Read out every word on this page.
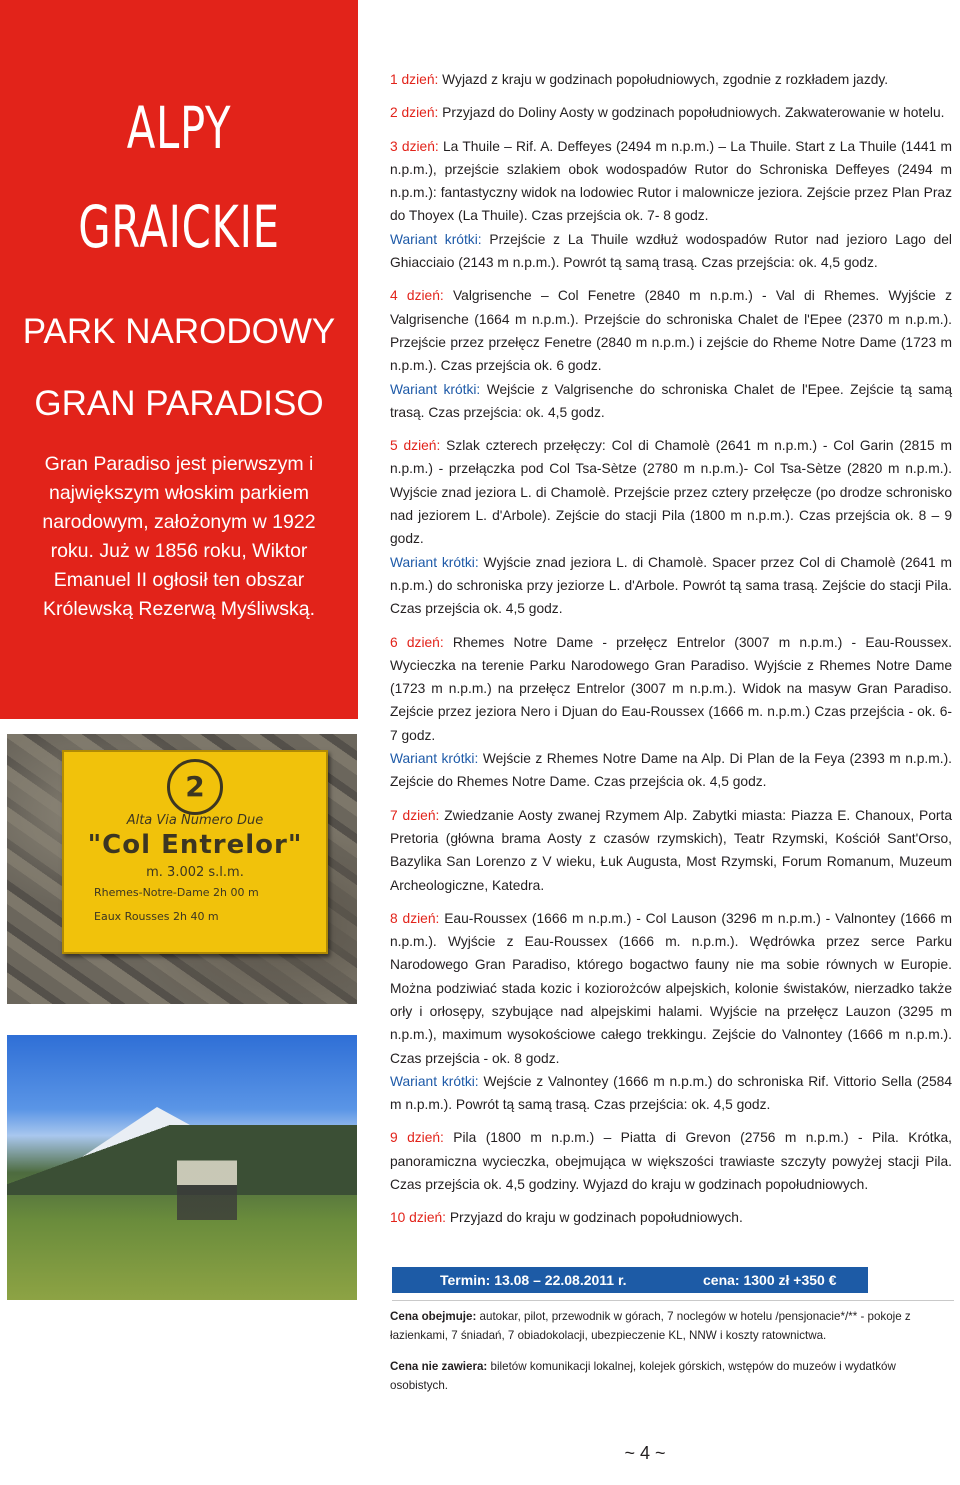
ALPY
GRAICKIE
PARK NARODOWY
GRAN PARADISO
Gran Paradiso jest pierwszym i największym włoskim parkiem narodowym, założonym w 1922 roku. Już w 1856 roku, Wiktor Emanuel II ogłosił ten obszar Królewską Rezerwą Myśliwską.
2
Alta Via Numero Due
"Col Entrelor"
m. 3.002 s.l.m.
Rhemes-Notre-Dame 2h 00 m
Eaux Rousses 2h 40 m

1 dzień: Wyjazd z kraju w godzinach popołudniowych, zgodnie z rozkładem jazdy.

2 dzień: Przyjazd do Doliny Aosty w godzinach popołudniowych. Zakwaterowanie w hotelu.

3 dzień: La Thuile – Rif. A. Deffeyes (2494 m n.p.m.) – La Thuile. Start z La Thuile (1441 m n.p.m.), przejście szlakiem obok wodospadów Rutor do Schroniska Deffeyes (2494 m n.p.m.): fantastyczny widok na lodowiec Rutor i malownicze jeziora. Zejście przez Plan Praz do Thoyex (La Thuile). Czas przejścia ok. 7- 8 godz.
Wariant krótki: Przejście z La Thuile wzdłuż wodospadów Rutor nad jezioro Lago del Ghiacciaio (2143 m n.p.m.). Powrót tą samą trasą. Czas przejścia: ok. 4,5 godz.

4 dzień: Valgrisenche – Col Fenetre (2840 m n.p.m.) - Val di Rhemes. Wyjście z Valgrisenche (1664 m n.p.m.). Przejście do schroniska Chalet de l'Epee (2370 m n.p.m.). Przejście przez przełęcz Fenetre (2840 m n.p.m.) i zejście do Rheme Notre Dame (1723 m n.p.m.). Czas przejścia ok. 6 godz.
Wariant krótki: Wejście z Valgrisenche do schroniska Chalet de l'Epee. Zejście tą samą trasą. Czas przejścia: ok. 4,5 godz.

5 dzień: Szlak czterech przełęczy: Col di Chamolè (2641 m n.p.m.) - Col Garin (2815 m n.p.m.) - przełączka pod Col Tsa-Sètze (2780 m n.p.m.)- Col Tsa-Sètze (2820 m n.p.m.). Wyjście znad jeziora L. di Chamolè. Przejście przez cztery przełęcze (po drodze schronisko nad jeziorem L. d'Arbole). Zejście do stacji Pila (1800 m n.p.m.). Czas przejścia ok. 8 – 9 godz.
Wariant krótki: Wyjście znad jeziora L. di Chamolè. Spacer przez Col di Chamolè (2641 m n.p.m.) do schroniska przy jeziorze L. d'Arbole. Powrót tą sama trasą. Zejście do stacji Pila. Czas przejścia ok. 4,5 godz.

6 dzień: Rhemes Notre Dame - przełęcz Entrelor (3007 m n.p.m.) - Eau-Roussex. Wycieczka na terenie Parku Narodowego Gran Paradiso. Wyjście z Rhemes Notre Dame (1723 m n.p.m.) na przełęcz Entrelor (3007 m n.p.m.). Widok na masyw Gran Paradiso. Zejście przez jeziora Nero i Djuan do Eau-Roussex (1666 m. n.p.m.) Czas przejścia - ok. 6-7 godz.
Wariant krótki: Wejście z Rhemes Notre Dame na Alp. Di Plan de la Feya (2393 m n.p.m.). Zejście do Rhemes Notre Dame. Czas przejścia ok. 4,5 godz.

7 dzień: Zwiedzanie Aosty zwanej Rzymem Alp. Zabytki miasta: Piazza E. Chanoux, Porta Pretoria (główna brama Aosty z czasów rzymskich), Teatr Rzymski, Kościół Sant'Orso, Bazylika San Lorenzo z V wieku, Łuk Augusta, Most Rzymski, Forum Romanum, Muzeum Archeologiczne, Katedra.

8 dzień: Eau-Roussex (1666 m n.p.m.) - Col Lauson (3296 m n.p.m.) - Valnontey (1666 m n.p.m.). Wyjście z Eau-Roussex (1666 m. n.p.m.). Wędrówka przez serce Parku Narodowego Gran Paradiso, którego bogactwo fauny nie ma sobie równych w Europie. Można podziwiać stada kozic i koziorożców alpejskich, kolonie świstaków, nierzadko także orły i orłosępy, szybujące nad alpejskimi halami. Wyjście na przełęcz Lauzon (3295 m n.p.m.), maximum wysokościowe całego trekkingu. Zejście do Valnontey (1666 m n.p.m.). Czas przejścia - ok. 8 godz.
Wariant krótki: Wejście z Valnontey (1666 m n.p.m.) do schroniska Rif. Vittorio Sella (2584 m n.p.m.). Powrót tą samą trasą. Czas przejścia: ok. 4,5 godz.

9 dzień: Pila (1800 m n.p.m.) – Piatta di Grevon (2756 m n.p.m.) - Pila. Krótka, panoramiczna wycieczka, obejmująca w większości trawiaste szczyty powyżej stacji Pila. Czas przejścia ok. 4,5 godziny. Wyjazd do kraju w godzinach popołudniowych.

10 dzień: Przyjazd do kraju w godzinach popołudniowych.

Termin: 13.08 – 22.08.2011 r.	cena: 1300 zł +350 €
Cena obejmuje: autokar, pilot, przewodnik w górach, 7 noclegów w hotelu /pensjonacie*/** - pokoje z łazienkami, 7 śniadań, 7 obiadokolacji, ubezpieczenie KL, NNW i koszty ratownictwa.
Cena nie zawiera: biletów komunikacji lokalnej, kolejek górskich, wstępów do muzeów i wydatków osobistych.
~ 4 ~
